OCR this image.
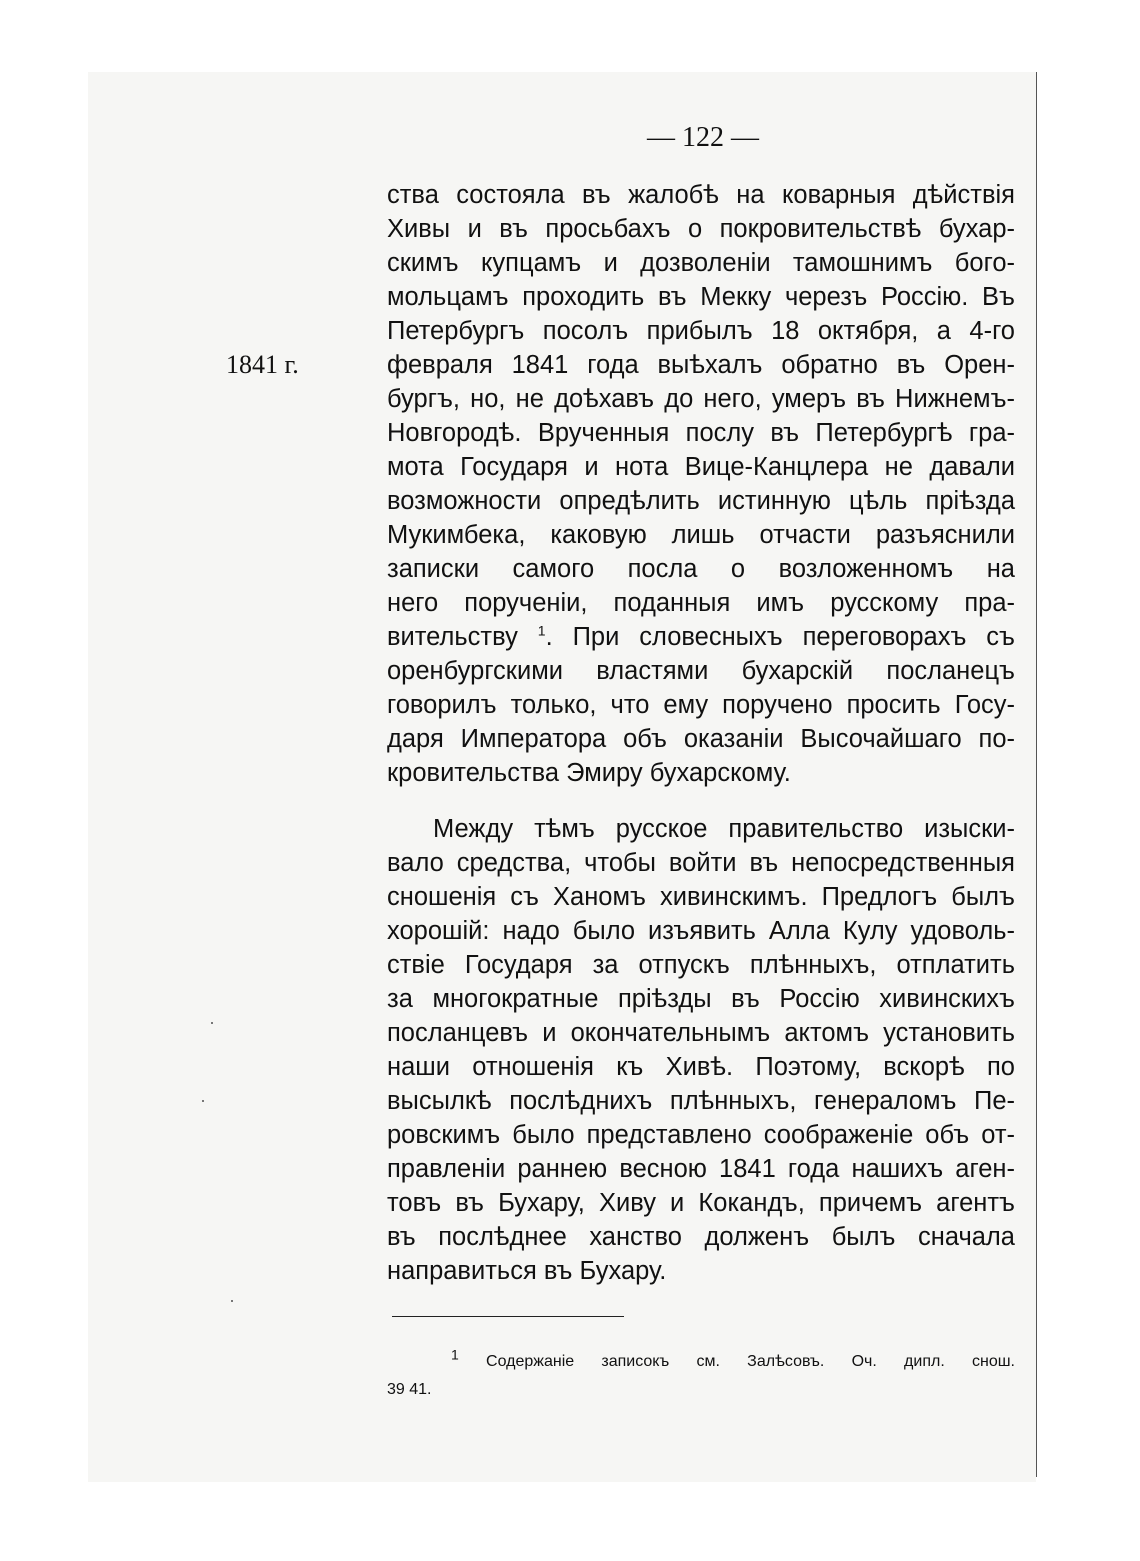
— 122 —
1841 г.
ства состояла въ жалобѣ на коварныя дѣйствія
Хивы и въ просьбахъ о покровительствѣ бухар-
скимъ купцамъ и дозволеніи тамошнимъ бого-
мольцамъ проходить въ Мекку черезъ Россію. Въ
Петербургъ посолъ прибылъ 18 октября, а 4-го
февраля 1841 года выѣхалъ обратно въ Орен-
бургъ, но, не доѣхавъ до него, умеръ въ Нижнемъ-
Новгородѣ. Врученныя послу въ Петербургѣ гра-
мота Государя и нота Вице-Канцлера не давали
возможности опредѣлить истинную цѣль пріѣзда
Мукимбека, каковую лишь отчасти разъяснили
записки самого посла о возложенномъ на
него порученіи, поданныя имъ русскому пра-
вительству $^1$. При словесныхъ переговорахъ съ
оренбургскими властями бухарскій посланецъ
говорилъ только, что ему поручено просить Госу-
даря Императора объ оказаніи Высочайшаго по-
кровительства Эмиру бухарскому.
Между тѣмъ русское правительство изыски-
вало средства, чтобы войти въ непосредственныя
сношенія съ Ханомъ хивинскимъ. Предлогъ былъ
хорошій: надо было изъявить Алла Кулу удоволь-
ствіе Государя за отпускъ плѣнныхъ, отплатить
за многократные пріѣзды въ Россію хивинскихъ
посланцевъ и окончательнымъ актомъ установить
наши отношенія къ Хивѣ. Поэтому, вскорѣ по
высылкѣ послѣднихъ плѣнныхъ, генераломъ Пе-
ровскимъ было представлено соображеніе объ от-
правленіи раннею весною 1841 года нашихъ аген-
товъ въ Бухару, Хиву и Кокандъ, причемъ агентъ
въ послѣднее ханство долженъ былъ сначала
направиться въ Бухару.
$^1$ Содержаніе записокъ см. Залѣсовъ. Оч. дипл. снош.
39 41.
